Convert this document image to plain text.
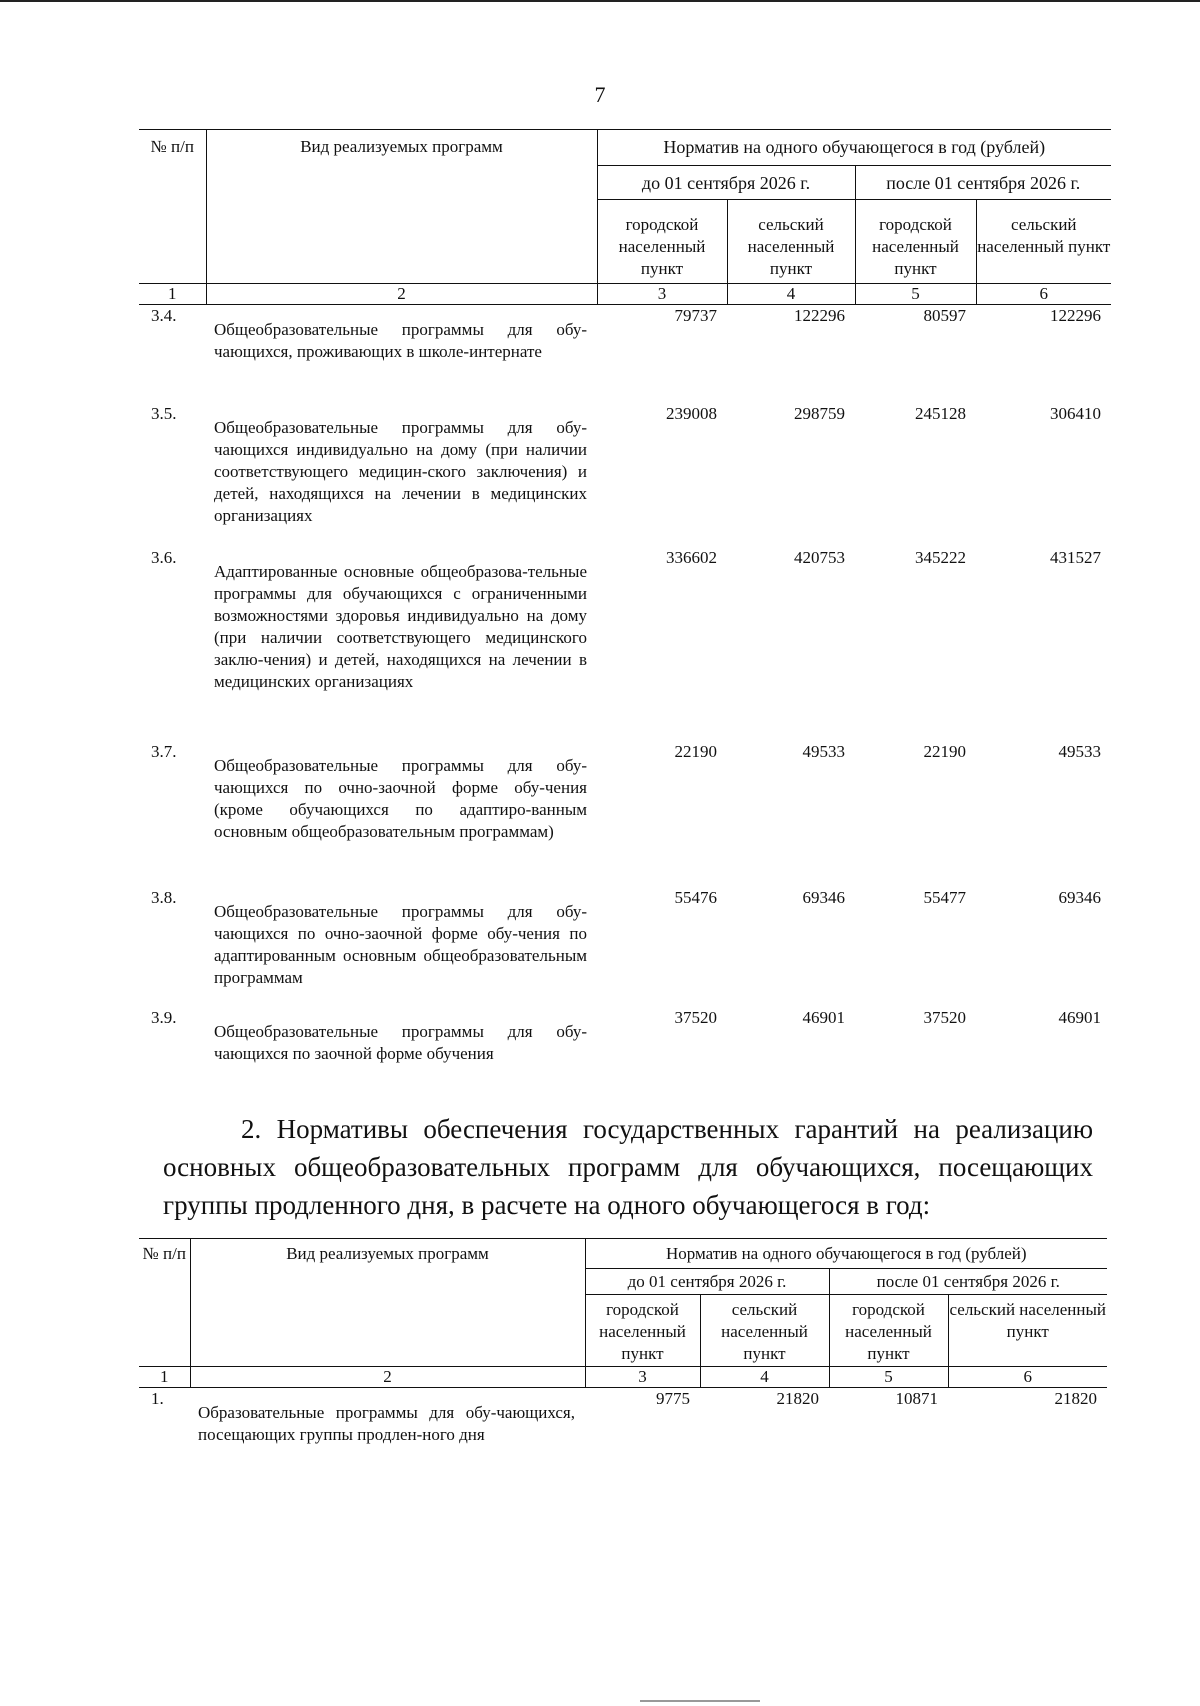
7
№ п/п	Вид реализуемых программ	Норматив на одного обучающегося в год (рублей)			
		до 01 сентября 2026 г.		после 01 сентября 2026 г.	
		городской населенный пункт	сельский населенный пункт	городской населенный пункт	сельский населенный пункт
1	2	3	4	5	6
3.4.	Общеобразовательные программы для обу-чающихся, проживающих в школе-интернате	79737	122296	80597	122296
3.5.	Общеобразовательные программы для обу-чающихся индивидуально на дому (при наличии соответствующего медицин-ского заключения) и детей, находящихся на лечении в медицинских организациях	239008	298759	245128	306410
3.6.	Адаптированные основные общеобразова-тельные программы для обучающихся с ограниченными возможностями здоровья индивидуально на дому (при наличии соответствующего медицинского заклю-чения) и детей, находящихся на лечении в медицинских организациях	336602	420753	345222	431527
3.7.	Общеобразовательные программы для обу-чающихся по очно-заочной форме обу-чения (кроме обучающихся по адаптиро-ванным основным общеобразовательным программам)	22190	49533	22190	49533
3.8.	Общеобразовательные программы для обу-чающихся по очно-заочной форме обу-чения по адаптированным основным общеобразовательным программам	55476	69346	55477	69346
3.9.	Общеобразовательные программы для обу-чающихся по заочной форме обучения	37520	46901	37520	46901
2. Нормативы обеспечения государственных гарантий на реализацию основных общеобразовательных программ для обучающихся, посещающих группы продленного дня, в расчете на одного обучающегося в год:
№ п/п	Вид реализуемых программ	Норматив на одного обучающегося в год (рублей)			
		до 01 сентября 2026 г.		после 01 сентября 2026 г.	
		городской населенный пункт	сельский населенный пункт	городской населенный пункт	сельский населенный пункт
1	2	3	4	5	6
1.	Образовательные программы для обу-чающихся, посещающих группы продлен-ного дня	9775	21820	10871	21820
